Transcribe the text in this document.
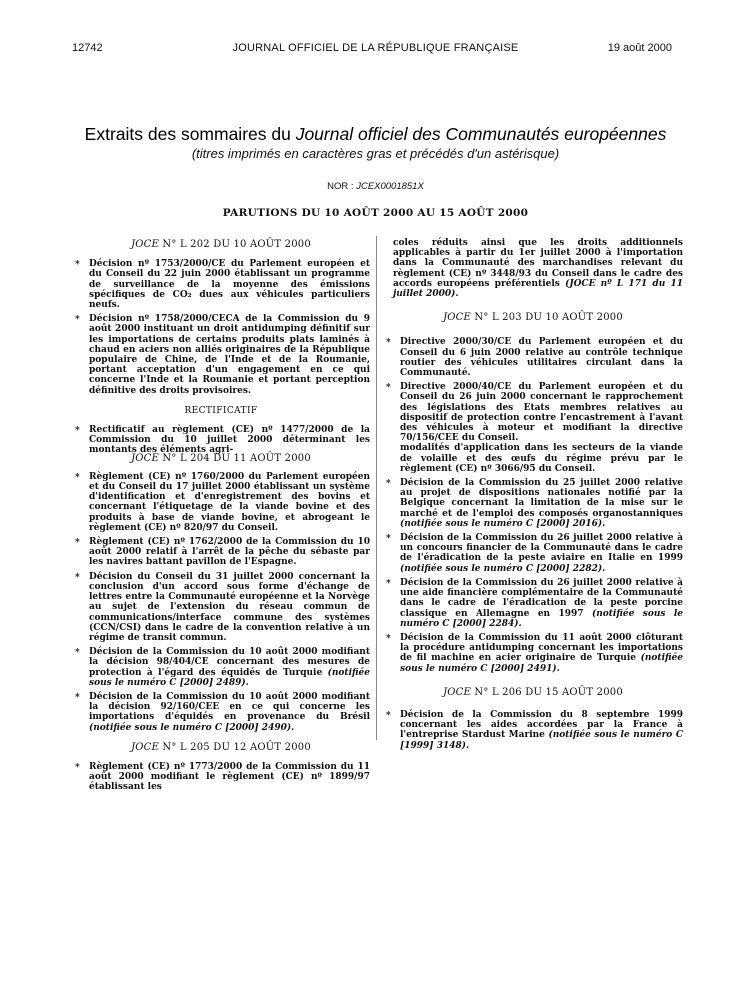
12742	JOURNAL OFFICIEL DE LA RÉPUBLIQUE FRANÇAISE	19 août 2000
Extraits des sommaires du Journal officiel des Communautés européennes
(titres imprimés en caractères gras et précédés d'un astérisque)
NOR : JCEX0001851X
PARUTIONS DU 10 AOÛT 2000 AU 15 AOÛT 2000
JOCE N° L 202 DU 10 AOÛT 2000

* Décision nº 1753/2000/CE du Parlement européen et du Conseil du 22 juin 2000 établissant un programme de surveillance de la moyenne des émissions spécifiques de CO₂ dues aux véhicules particuliers neufs.

* Décision nº 1758/2000/CECA de la Commission du 9 août 2000 instituant un droit antidumping définitif sur les importations de certains produits plats laminés à chaud en aciers non alliés originaires de la République populaire de Chine, de l'Inde et de la Roumanie, portant acceptation d'un engagement en ce qui concerne l'Inde et la Roumanie et portant perception définitive des droits provisoires.

RECTIFICATIF

* Rectificatif au règlement (CE) nº 1477/2000 de la Commission du 10 juillet 2000 déterminant les montants des éléments agri-

JOCE N° L 204 DU 11 AOÛT 2000

* Règlement (CE) nº 1760/2000 du Parlement européen et du Conseil du 17 juillet 2000 établissant un système d'identification et d'enregistrement des bovins et concernant l'étiquetage de la viande bovine et des produits à base de viande bovine, et abrogeant le règlement (CE) nº 820/97 du Conseil.

* Règlement (CE) nº 1762/2000 de la Commission du 10 août 2000 relatif à l'arrêt de la pêche du sébaste par les navires battant pavillon de l'Espagne.

* Décision du Conseil du 31 juillet 2000 concernant la conclusion d'un accord sous forme d'échange de lettres entre la Communauté européenne et la Norvège au sujet de l'extension du réseau commun de communications/interface commune des systèmes (CCN/CSI) dans le cadre de la convention relative à un régime de transit commun.

* Décision de la Commission du 10 août 2000 modifiant la décision 98/404/CE concernant des mesures de protection à l'égard des équidés de Turquie (notifiée sous le numéro C [2000] 2489).

* Décision de la Commission du 10 août 2000 modifiant la décision 92/160/CEE en ce qui concerne les importations d'équidés en provenance du Brésil (notifiée sous le numéro C [2000] 2490).

JOCE N° L 205 DU 12 AOÛT 2000

* Règlement (CE) nº 1773/2000 de la Commission du 11 août 2000 modifiant le règlement (CE) nº 1899/97 établissant les

coles réduits ainsi que les droits additionnels applicables à partir du 1er juillet 2000 à l'importation dans la Communauté des marchandises relevant du règlement (CE) nº 3448/93 du Conseil dans le cadre des accords européens préférentiels (JOCE nº L 171 du 11 juillet 2000).

JOCE N° L 203 DU 10 AOÛT 2000

* Directive 2000/30/CE du Parlement européen et du Conseil du 6 juin 2000 relative au contrôle technique routier des véhicules utilitaires circulant dans la Communauté.

* Directive 2000/40/CE du Parlement européen et du Conseil du 26 juin 2000 concernant le rapprochement des législations des Etats membres relatives au dispositif de protection contre l'encastrement à l'avant des véhicules à moteur et modifiant la directive 70/156/CEE du Conseil.

modalités d'application dans les secteurs de la viande de volaille et des œufs du régime prévu par le règlement (CE) nº 3066/95 du Conseil.

* Décision de la Commission du 25 juillet 2000 relative au projet de dispositions nationales notifié par la Belgique concernant la limitation de la mise sur le marché et de l'emploi des composés organostanniques (notifiée sous le numéro C [2000] 2016).

* Décision de la Commission du 26 juillet 2000 relative à un concours financier de la Communauté dans le cadre de l'éradication de la peste aviaire en Italie en 1999 (notifiée sous le numéro C [2000] 2282).

* Décision de la Commission du 26 juillet 2000 relative à une aide financière complémentaire de la Communauté dans le cadre de l'éradication de la peste porcine classique en Allemagne en 1997 (notifiée sous le numéro C [2000] 2284).

* Décision de la Commission du 11 août 2000 clôturant la procédure antidumping concernant les importations de fil machine en acier originaire de Turquie (notifiée sous le numéro C [2000] 2491).

JOCE N° L 206 DU 15 AOÛT 2000

* Décision de la Commission du 8 septembre 1999 concernant les aides accordées par la France à l'entreprise Stardust Marine (notifiée sous le numéro C [1999] 3148).
